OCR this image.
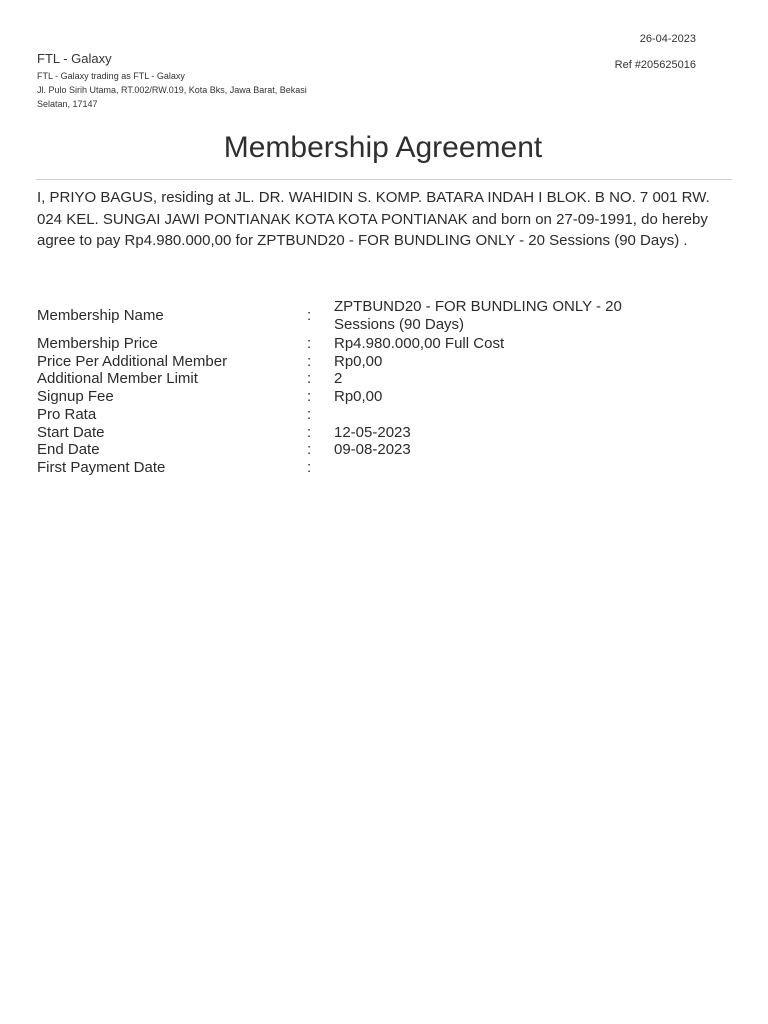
26-04-2023
Ref #205625016
FTL - Galaxy
FTL - Galaxy trading as FTL - Galaxy
Jl. Pulo Sirih Utama, RT.002/RW.019, Kota Bks, Jawa Barat, Bekasi Selatan, 17147
Membership Agreement

I, PRIYO BAGUS, residing at JL. DR. WAHIDIN S. KOMP. BATARA INDAH I BLOK. B NO. 7 001 RW. 024 KEL. SUNGAI JAWI PONTIANAK KOTA KOTA PONTIANAK and born on 27-09-1991, do hereby agree to pay Rp4.980.000,00 for ZPTBUND20 - FOR BUNDLING ONLY - 20 Sessions (90 Days) .

Membership Name	:
ZPTBUND20 - FOR BUNDLING ONLY - 20 Sessions (90 Days)
Membership Price	:	Rp4.980.000,00 Full Cost
Price Per Additional Member	:	Rp0,00
Additional Member Limit	:	2
Signup Fee	:	Rp0,00
Pro Rata	:
Start Date	:	12-05-2023
End Date	:	09-08-2023
First Payment Date	:
